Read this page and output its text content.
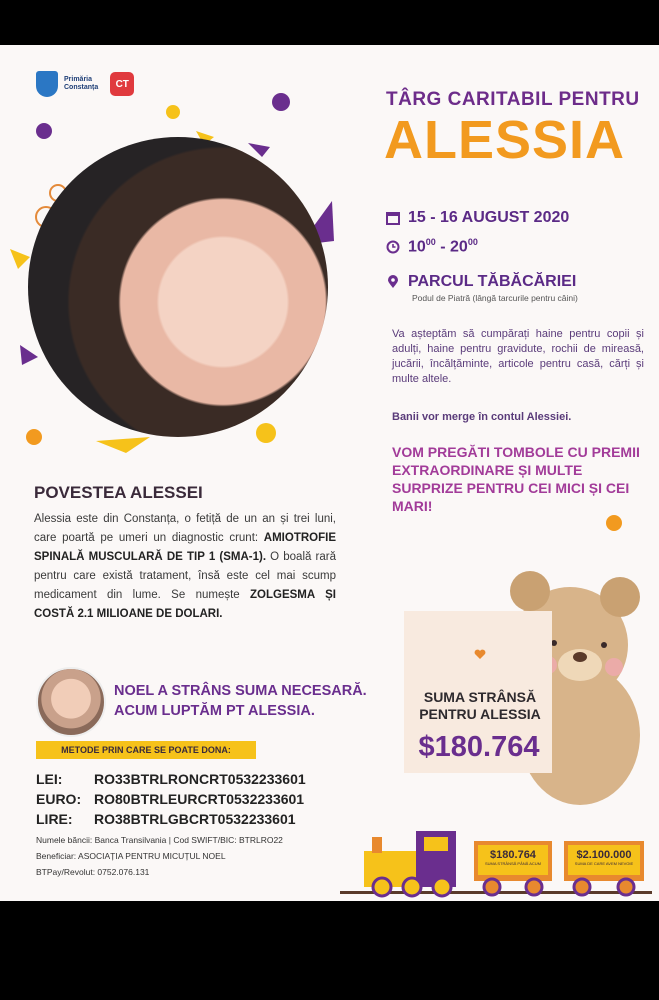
Primăria
Constanța	CT
TÂRG CARITABIL PENTRU
ALESSIA
15 - 16 AUGUST 2020
$10^{00} - 20^{00}$
PARCUL TĂBĂCĂRIEI
Podul de Piatră (lângă tarcurile pentru câini)
Va așteptăm să cumpărați haine pentru copii și adulți, haine pentru gravidute, rochii de mireasă, jucării, încălțăminte, articole pentru casă, cărți și multe altele.
Banii vor merge în contul Alessiei.
VOM PREGĂTI TOMBOLE CU PREMII EXTRAORDINARE ȘI MULTE SURPRIZE PENTRU CEI MICI ȘI CEI MARI!
POVESTEA ALESSEI
Alessia este din Constanța, o fetiță de un an și trei luni, care poartă pe umeri un diagnostic crunt: AMIOTROFIE SPINALĂ MUSCULARĂ DE TIP 1 (SMA-1). O boală rară pentru care există tratament, însă este cel mai scump medicament din lume. Se numește ZOLGESMA ȘI COSTĂ 2.1 MILIOANE DE DOLARI.
NOEL A STRÂNS SUMA NECESARĂ.
ACUM LUPTĂM PT ALESSIA.
METODE PRIN CARE SE POATE DONA:
LEI: RO33BTRLRONCRT0532233601
EURO: RO80BTRLEURCRT0532233601
LIRE: RO38BTRLGBCRT0532233601
Numele băncii: Banca Transilvania | Cod SWIFT/BIC: BTRLRO22
Beneficiar: ASOCIAȚIA PENTRU MICUȚUL NOEL
BTPay/Revolut: 0752.076.131
SUMA STRÂNSĂ PENTRU ALESSIA
$180.764
$180.764
SUMA STRÂNSĂ PÂNĂ ACUM
$2.100.000
SUMA DE CARE AVEM NEVOIE
